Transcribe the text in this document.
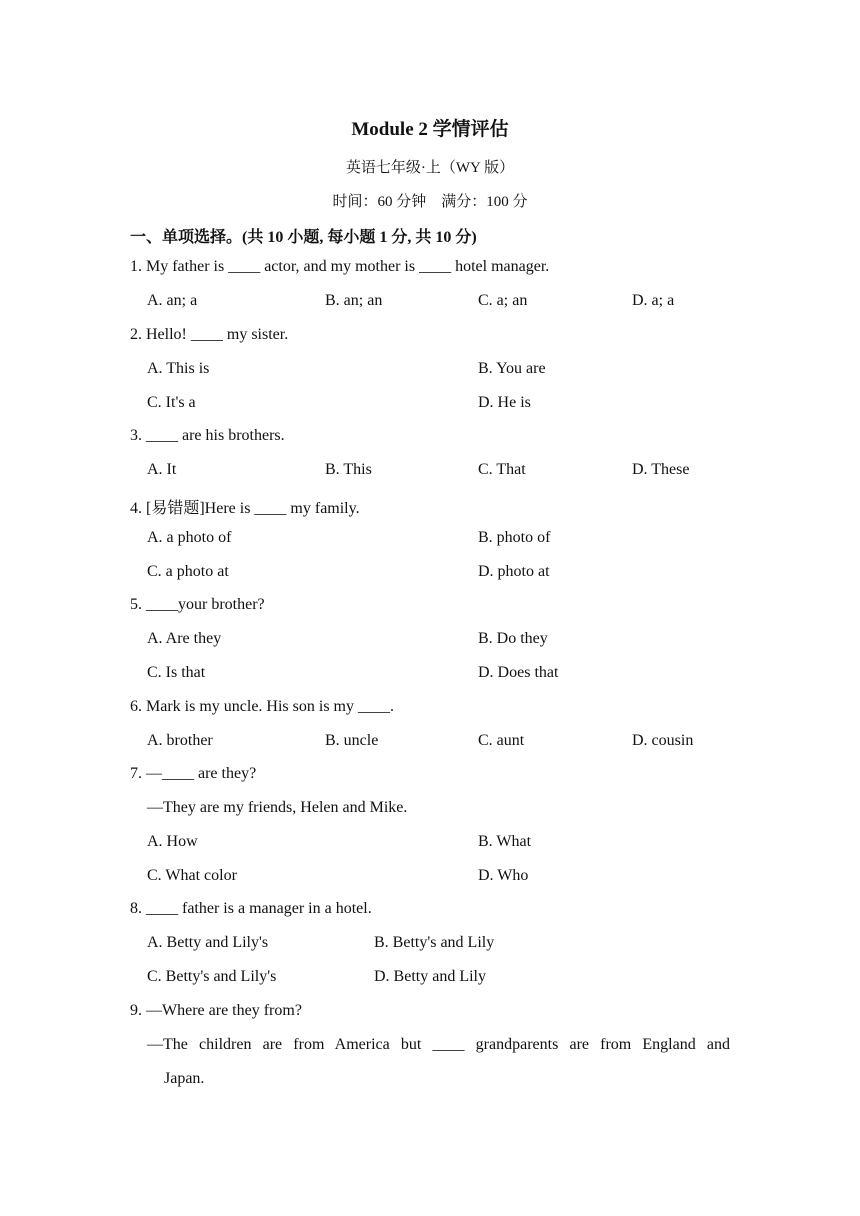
Module 2 学情评估
英语七年级·上（WY 版）
时间：60 分钟    满分：100 分
一、单项选择。(共 10 小题, 每小题 1 分, 共 10 分)
1. My father is ____ actor, and my mother is ____ hotel manager.
A. an; a	B. an; an	C. a; an	D. a; a
2. Hello! ____ my sister.
A. This is	B. You are
C. It's a	D. He is
3. ____ are his brothers.
A. It	B. This	C. That	D. These
4. [易错题]Here is ____ my family.
A. a photo of	B. photo of
C. a photo at	D. photo at
5. ____your brother?
A. Are they	B. Do they
C. Is that	D. Does that
6. Mark is my uncle. His son is my ____.
A. brother	B. uncle	C. aunt	D. cousin
7. —____ are they?
—They are my friends, Helen and Mike.
A. How	B. What
C. What color	D. Who
8. ____ father is a manager in a hotel.
A. Betty and Lily's	B. Betty's and Lily
C. Betty's and Lily's	D. Betty and Lily
9. —Where are they from?
—The children are from America but ____ grandparents are from England and
Japan.
